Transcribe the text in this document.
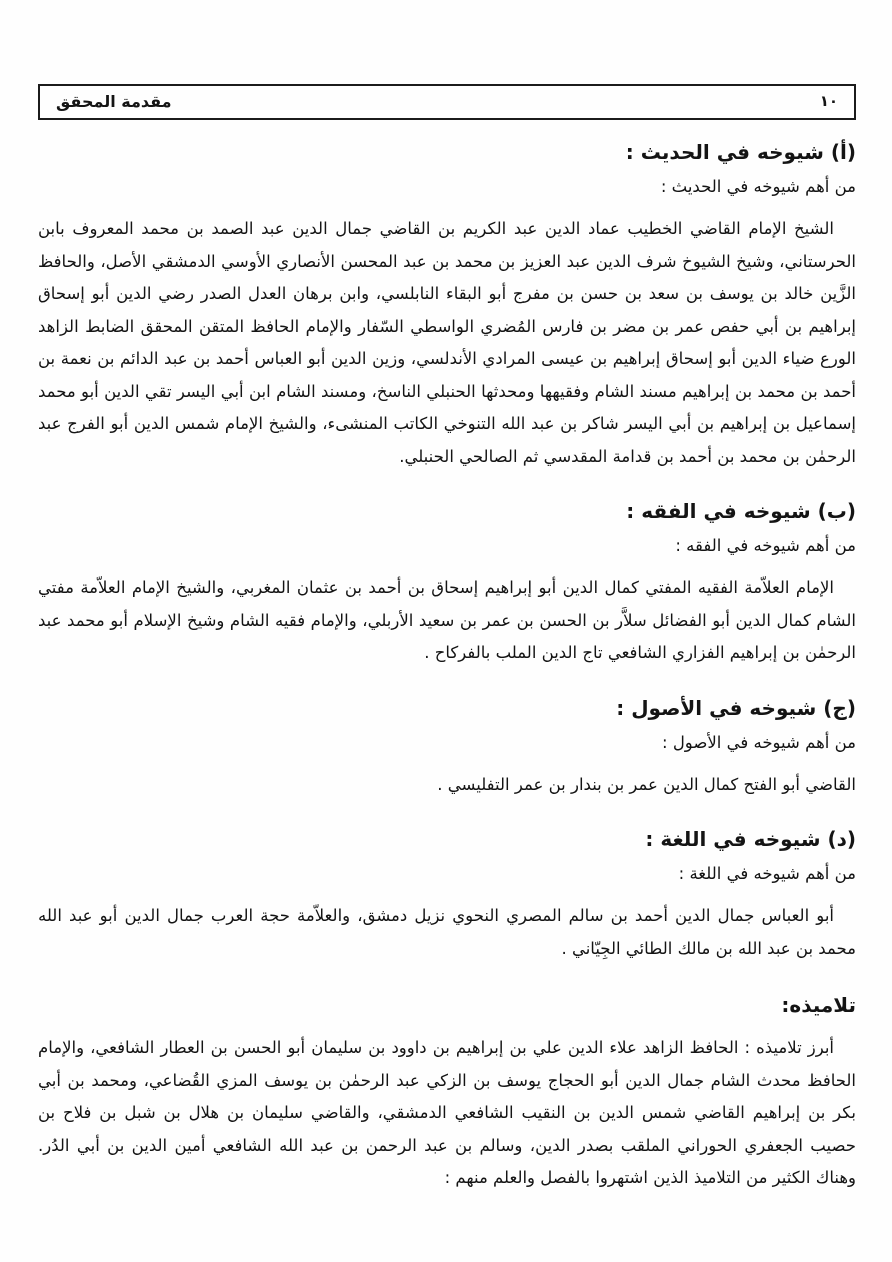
١٠
مقدمة المحقق
(أ) شيوخه في الحديث :

من أهم شيوخه في الحديث :

الشيخ الإمام القاضي الخطيب عماد الدين عبد الكريم بن القاضي جمال الدين عبد الصمد بن محمد المعروف بابن الحرستاني، وشيخ الشيوخ شرف الدين عبد العزيز بن محمد بن عبد المحسن الأنصاري الأوسي الدمشقي الأصل، والحافظ الزَّين خالد بن يوسف بن سعد بن حسن بن مفرج أبو البقاء النابلسي، وابن برهان العدل الصدر رضي الدين أبو إسحاق إبراهيم بن أبي حفص عمر بن مضر بن فارس المُضري الواسطي السّفار والإمام الحافظ المتقن المحقق الضابط الزاهد الورع ضياء الدين أبو إسحاق إبراهيم بن عيسى المرادي الأندلسي، وزين الدين أبو العباس أحمد بن عبد الدائم بن نعمة بن أحمد بن محمد بن إبراهيم مسند الشام وفقيهها ومحدثها الحنبلي الناسخ، ومسند الشام ابن أبي اليسر تقي الدين أبو محمد إسماعيل بن إبراهيم بن أبي اليسر شاكر بن عبد الله التنوخي الكاتب المنشىء، والشيخ الإمام شمس الدين أبو الفرج عبد الرحمٰن بن محمد بن أحمد بن قدامة المقدسي ثم الصالحي الحنبلي.

(ب) شيوخه في الفقه :

من أهم شيوخه في الفقه :

الإمام العلاّمة الفقيه المفتي كمال الدين أبو إبراهيم إسحاق بن أحمد بن عثمان المغربي، والشيخ الإمام العلاّمة مفتي الشام كمال الدين أبو الفضائل سلاَّر بن الحسن بن عمر بن سعيد الأربلي، والإمام فقيه الشام وشيخ الإسلام أبو محمد عبد الرحمٰن بن إبراهيم الفزاري الشافعي تاج الدين الملب بالفركاح .

(ج) شيوخه في الأصول :

من أهم شيوخه في الأصول :

القاضي أبو الفتح كمال الدين عمر بن بندار بن عمر التفليسي .

(د) شيوخه في اللغة :

من أهم شيوخه في اللغة :

أبو العباس جمال الدين أحمد بن سالم المصري النحوي نزيل دمشق، والعلاّمة حجة العرب جمال الدين أبو عبد الله محمد بن عبد الله بن مالك الطائي الجِيّاني .

تلاميذه:

أبرز تلاميذه : الحافظ الزاهد علاء الدين علي بن إبراهيم بن داوود بن سليمان أبو الحسن بن العطار الشافعي، والإمام الحافظ محدث الشام جمال الدين أبو الحجاج يوسف بن الزكي عبد الرحمٰن بن يوسف المزي القُضاعي، ومحمد بن أبي بكر بن إبراهيم القاضي شمس الدين بن النقيب الشافعي الدمشقي، والقاضي سليمان بن هلال بن شبل بن فلاح بن حصيب الجعفري الحوراني الملقب بصدر الدين، وسالم بن عبد الرحمن بن عبد الله الشافعي أمين الدين بن أبي الدُر. وهناك الكثير من التلاميذ الذين اشتهروا بالفصل والعلم منهم :
